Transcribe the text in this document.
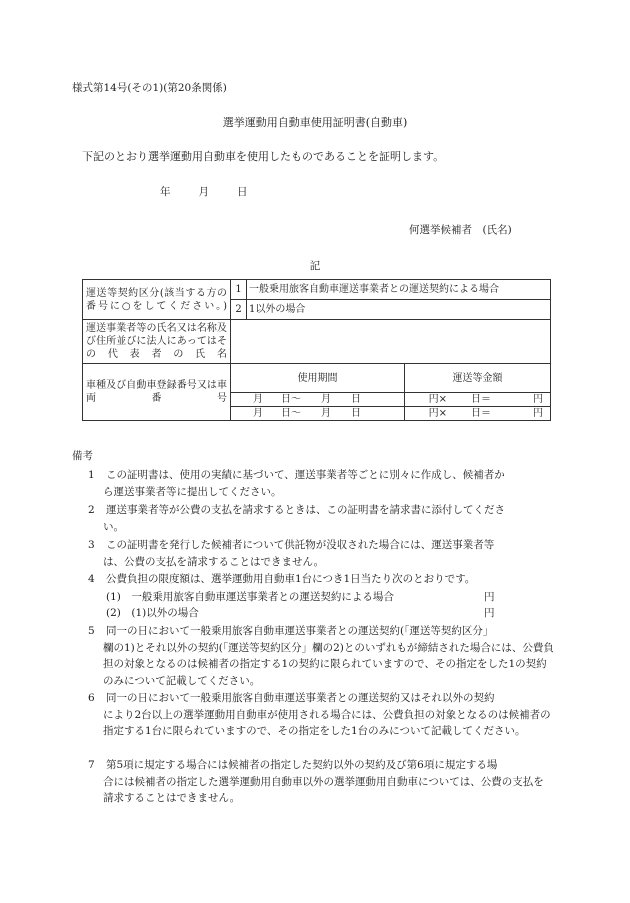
様式第14号(その1)(第20条関係)
選挙運動用自動車使用証明書(自動車)
下記のとおり選挙運動用自動車を使用したものであることを証明します。
年	月	日
何選挙候補者　(氏名)
記
運送等契約区分(該当する方の番号に○をしてください。)	1	一般乗用旅客自動車運送事業者との運送契約による場合	
	2	1以外の場合	
運送事業者等の氏名又は名称及び住所並びに法人にあってはその代表者の氏名			
車種及び自動車登録番号又は車両番号	使用期間		運送等金額
	月 日〜 月 日		円× 日＝ 円
	月 日〜 月 日		円× 日＝ 円
備考
1	この証明書は、使用の実績に基づいて、運送事業者等ごとに別々に作成し、候補者か
ら運送事業者等に提出してください。
2	運送事業者等が公費の支払を請求するときは、この証明書を請求書に添付してくださ
い。
3	この証明書を発行した候補者について供託物が没収された場合には、運送事業者等
は、公費の支払を請求することはできません。
4	公費負担の限度額は、選挙運動用自動車1台につき1日当たり次のとおりです。
(1)　一般乗用旅客自動車運送事業者との運送契約による場合	円
(2)　(1)以外の場合	円
5	同一の日において一般乗用旅客自動車運送事業者との運送契約(「運送等契約区分」
欄の1)とそれ以外の契約(「運送等契約区分」欄の2)とのいずれもが締結された場合には、公費負担の対象となるのは候補者の指定する1の契約に限られていますので、その指定をした1の契約のみについて記載してください。
6	同一の日において一般乗用旅客自動車運送事業者との運送契約又はそれ以外の契約
により2台以上の選挙運動用自動車が使用される場合には、公費負担の対象となるのは候補者の指定する1台に限られていますので、その指定をした1台のみについて記載してください。
7	第5項に規定する場合には候補者の指定した契約以外の契約及び第6項に規定する場
合には候補者の指定した選挙運動用自動車以外の選挙運動用自動車については、公費の支払を請求することはできません。
